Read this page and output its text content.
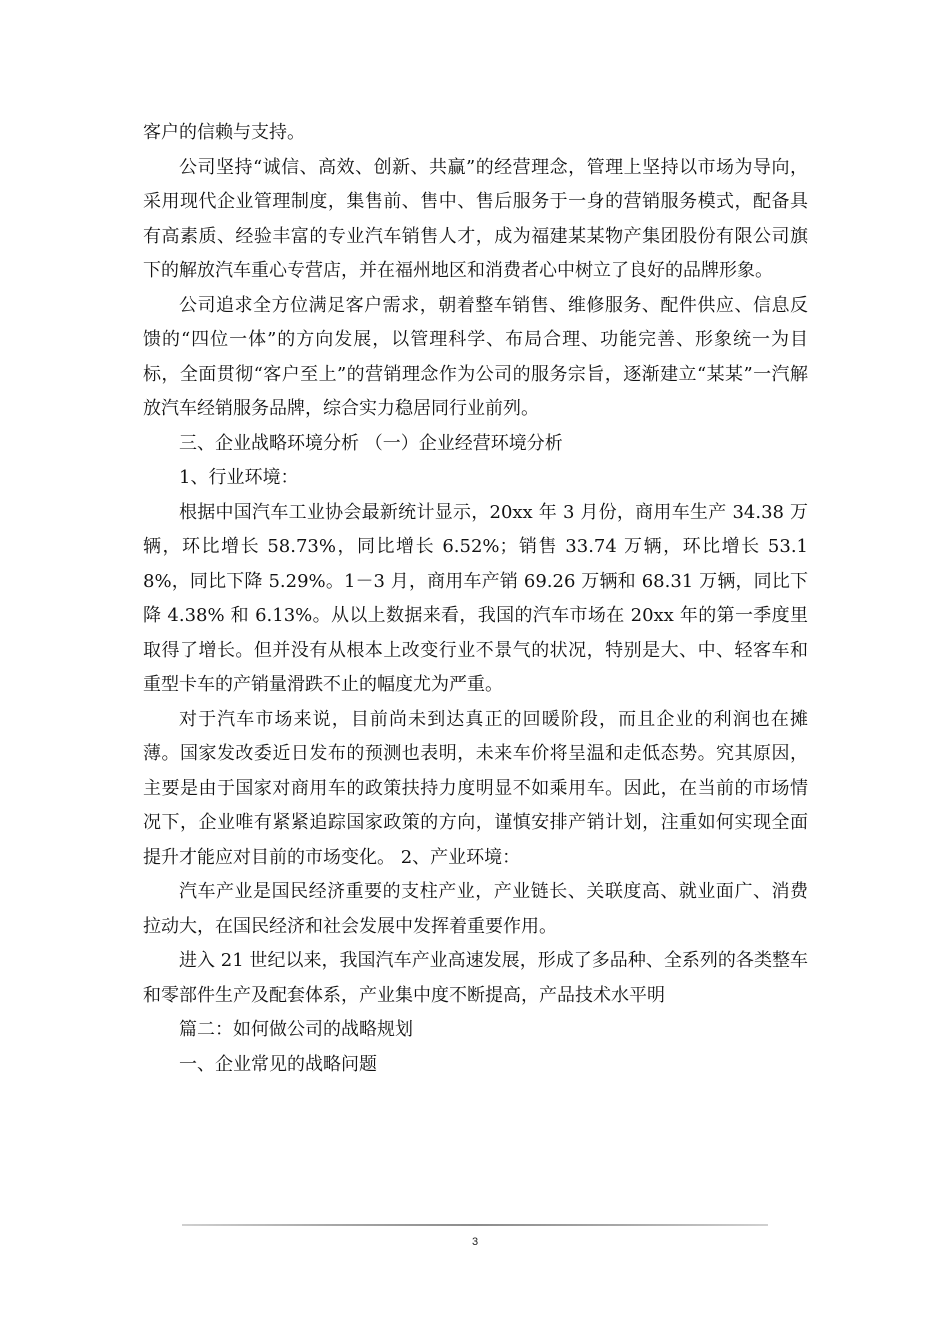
客户的信赖与支持。

公司坚持“诚信、高效、创新、共赢”的经营理念，管理上坚持以市场为导向，采用现代企业管理制度，集售前、售中、售后服务于一身的营销服务模式，配备具有高素质、经验丰富的专业汽车销售人才，成为福建某某物产集团股份有限公司旗下的解放汽车重心专营店，并在福州地区和消费者心中树立了良好的品牌形象。

公司追求全方位满足客户需求，朝着整车销售、维修服务、配件供应、信息反馈的“四位一体”的方向发展，以管理科学、布局合理、功能完善、形象统一为目标，全面贯彻“客户至上”的营销理念作为公司的服务宗旨，逐渐建立“某某”一汽解放汽车经销服务品牌，综合实力稳居同行业前列。

三、企业战略环境分析 （一）企业经营环境分析

1、行业环境：

根据中国汽车工业协会最新统计显示，20xx 年 3 月份，商用车生产 34.38 万辆，环比增长 58.73%，同比增长 6.52%；销售 33.74 万辆，环比增长 53.18%，同比下降 5.29%。1－3 月，商用车产销 69.26 万辆和 68.31 万辆，同比下降 4.38% 和 6.13%。从以上数据来看，我国的汽车市场在 20xx 年的第一季度里取得了增长。但并没有从根本上改变行业不景气的状况，特别是大、中、轻客车和重型卡车的产销量滑跌不止的幅度尤为严重。

对于汽车市场来说，目前尚未到达真正的回暖阶段，而且企业的利润也在摊薄。国家发改委近日发布的预测也表明，未来车价将呈温和走低态势。究其原因，主要是由于国家对商用车的政策扶持力度明显不如乘用车。因此，在当前的市场情况下，企业唯有紧紧追踪国家政策的方向，谨慎安排产销计划，注重如何实现全面提升才能应对目前的市场变化。 2、产业环境：

汽车产业是国民经济重要的支柱产业，产业链长、关联度高、就业面广、消费拉动大，在国民经济和社会发展中发挥着重要作用。

进入 21 世纪以来，我国汽车产业高速发展，形成了多品种、全系列的各类整车和零部件生产及配套体系，产业集中度不断提高，产品技术水平明

篇二：如何做公司的战略规划

一、企业常见的战略问题

3
